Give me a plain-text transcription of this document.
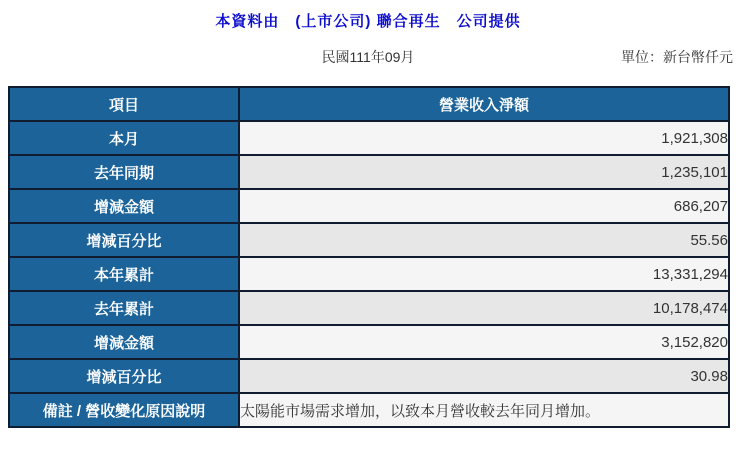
本資料由　(上市公司) 聯合再生　公司提供
民國111年09月	單位：新台幣仟元
項目	營業收入淨額
本月	1,921,308
去年同期	1,235,101
增減金額	686,207
增減百分比	55.56
本年累計	13,331,294
去年累計	10,178,474
增減金額	3,152,820
增減百分比	30.98
備註 / 營收變化原因說明	太陽能市場需求增加，以致本月營收較去年同月增加。
